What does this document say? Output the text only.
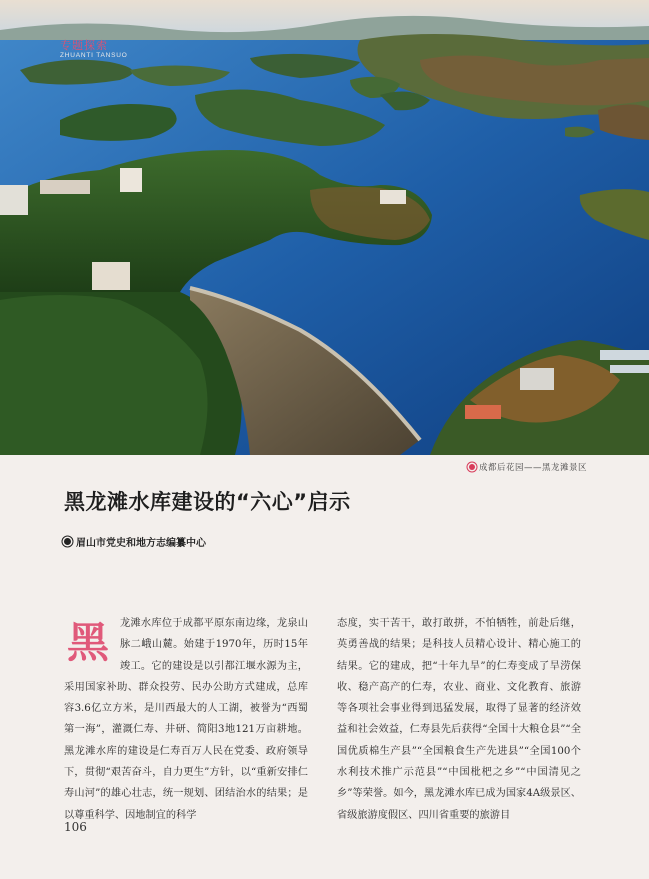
专题探索
ZHUANTI TANSUO
成都后花园——黑龙滩景区
黑龙滩水库建设的“六心”启示
眉山市党史和地方志编纂中心
黑 龙滩水库位于成都平原东南边缘，龙泉山脉二峨山麓。始建于1970年，历时15年竣工。它的建设是以引都江堰水源为主，采用国家补助、群众投劳、民办公助方式建成，总库容3.6亿立方米，是川西最大的人工湖，被誉为“西蜀第一海”，灌溉仁寿、井研、简阳3地121万亩耕地。黑龙滩水库的建设是仁寿百万人民在党委、政府领导下，贯彻“艰苦奋斗，自力更生”方针，以“重新安排仁寿山河”的雄心壮志，统一规划、团结治水的结果；是以尊重科学、因地制宜的科学
态度，实干苦干，敢打敢拼，不怕牺牲，前赴后继，英勇善战的结果；是科技人员精心设计、精心施工的结果。它的建成，把“十年九旱”的仁寿变成了旱涝保收、稳产高产的仁寿，农业、商业、文化教育、旅游等各项社会事业得到迅猛发展，取得了显著的经济效益和社会效益，仁寿县先后获得“全国十大粮仓县”“全国优质棉生产县”“全国粮食生产先进县”“全国100个水利技术推广示范县”“中国枇杷之乡”“中国清见之乡”等荣誉。如今，黑龙滩水库已成为国家4A级景区、省级旅游度假区、四川省重要的旅游目
106
